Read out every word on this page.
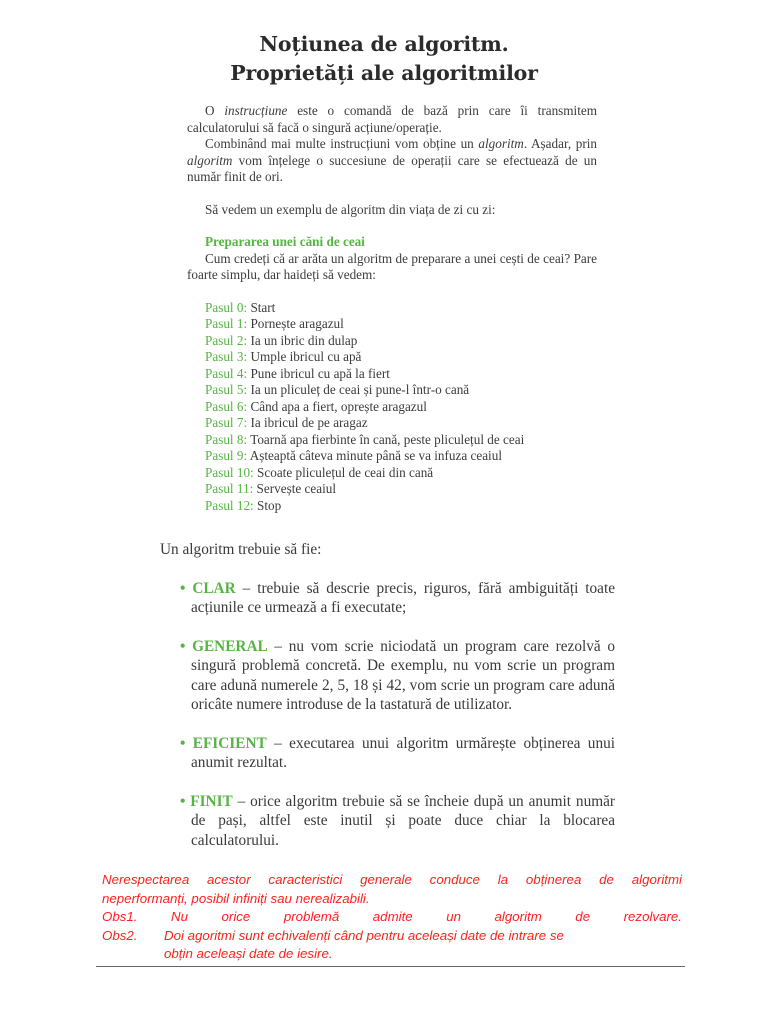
Noțiunea de algoritm.
Proprietăți ale algoritmilor

O instrucțiune este o comandă de bază prin care îi transmitem calculatorului să facă o singură acțiune/operație.

Combinând mai multe instrucțiuni vom obține un algoritm. Așadar, prin algoritm vom înțelege o succesiune de operații care se efectuează de un număr finit de ori.

Să vedem un exemplu de algoritm din viața de zi cu zi:

Prepararea unei căni de ceai

Cum credeți că ar arăta un algoritm de preparare a unei cești de ceai? Pare foarte simplu, dar haideți să vedem:

Pasul 0: Start
Pasul 1: Pornește aragazul
Pasul 2: Ia un ibric din dulap
Pasul 3: Umple ibricul cu apă
Pasul 4: Pune ibricul cu apă la fiert
Pasul 5: Ia un pliculeț de ceai și pune-l într-o cană
Pasul 6: Când apa a fiert, oprește aragazul
Pasul 7: Ia ibricul de pe aragaz
Pasul 8: Toarnă apa fierbinte în cană, peste pliculețul de ceai
Pasul 9: Așteaptă câteva minute până se va infuza ceaiul
Pasul 10: Scoate pliculețul de ceai din cană
Pasul 11: Servește ceaiul
Pasul 12: Stop

Un algoritm trebuie să fie:

• CLAR – trebuie să descrie precis, riguros, fără ambiguități toate acțiunile ce urmează a fi executate;

• GENERAL – nu vom scrie niciodată un program care rezolvă o singură problemă concretă. De exemplu, nu vom scrie un program care adună numerele 2, 5, 18 și 42, vom scrie un program care adună oricâte numere introduse de la tastatură de utilizator.

• EFICIENT – executarea unui algoritm urmărește obținerea unui anumit rezultat.

• FINIT – orice algoritm trebuie să se încheie după un anumit număr de pași, altfel este inutil și poate duce chiar la blocarea calculatorului.

Nerespectarea acestor caracteristici generale conduce la obținerea de algoritmi

neperformanți, posibil infiniți sau nerealizabili.

Obs1. Nu orice problemă admite un algoritm de rezolvare.

Obs2.	Doi agoritmi sunt echivalenți când pentru aceleași date de intrare se

obțin aceleași date de iesire.
